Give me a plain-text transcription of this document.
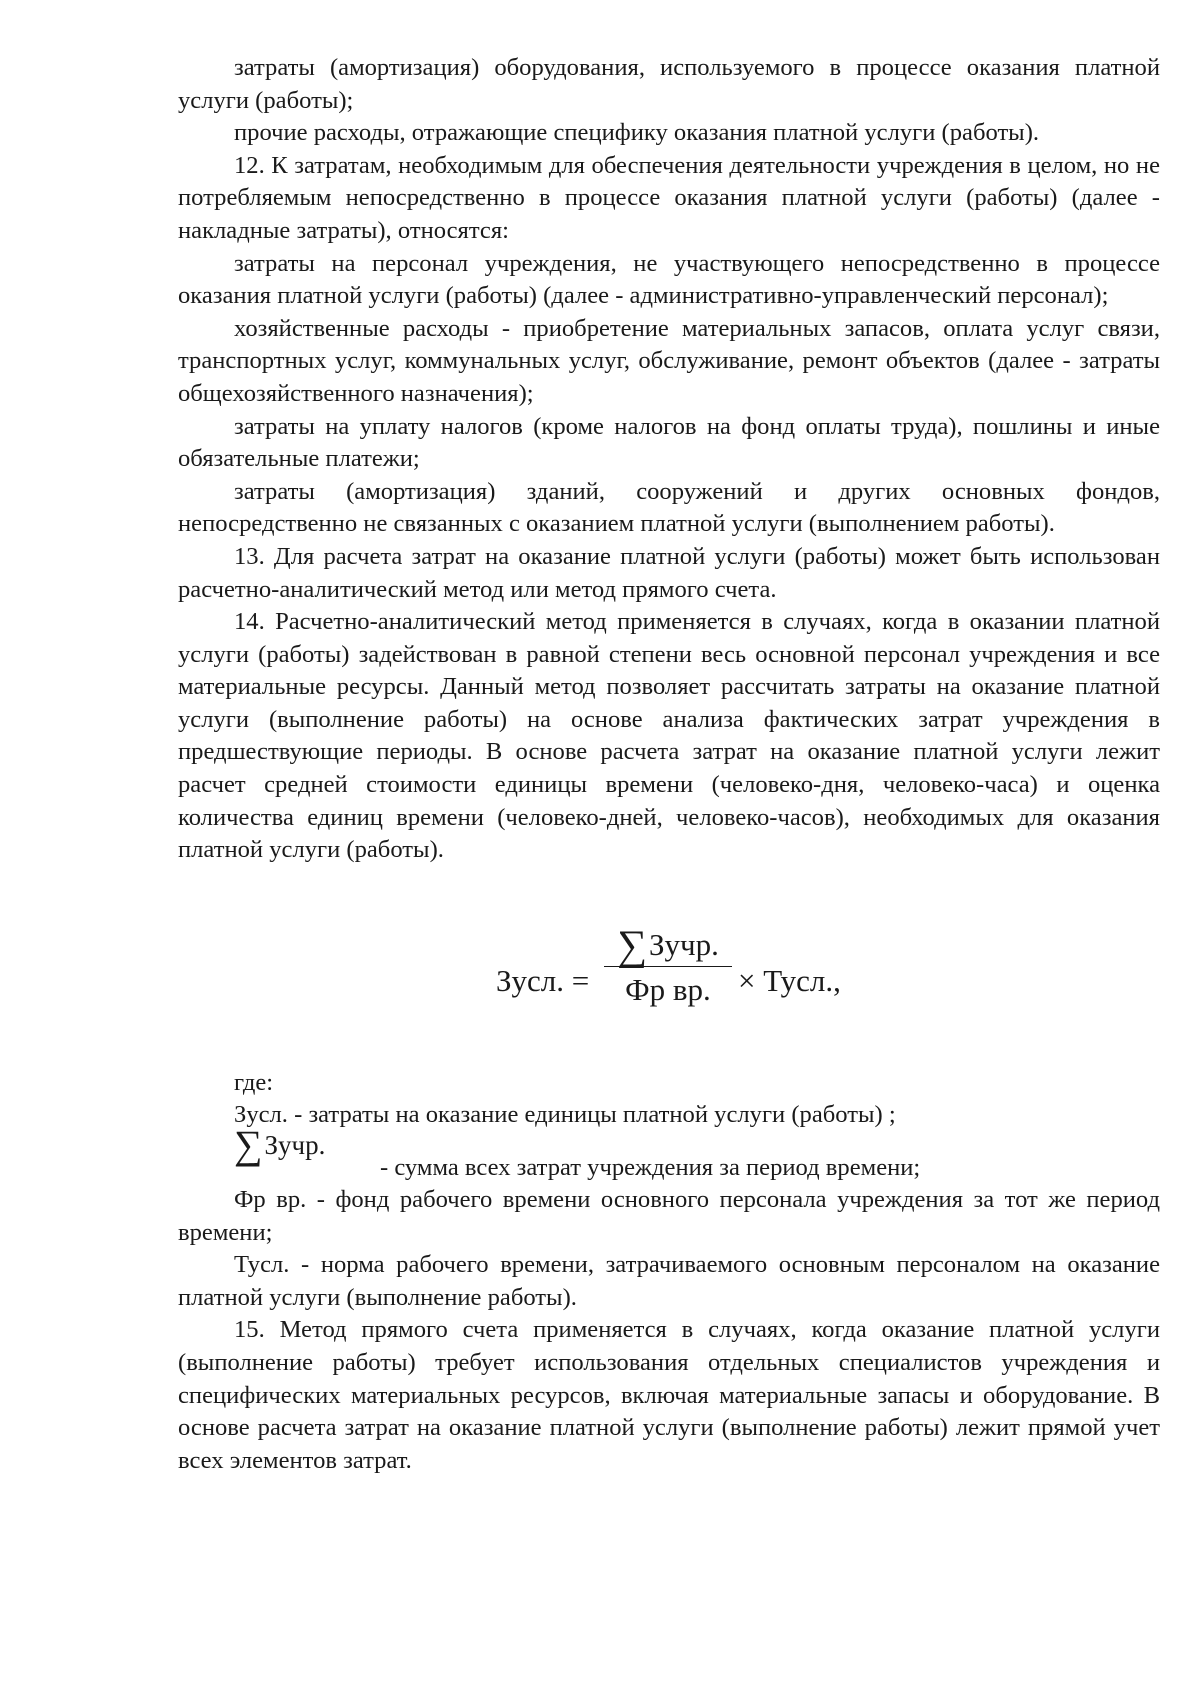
затраты (амортизация) оборудования, используемого в процессе оказания платной услуги (работы);

прочие расходы, отражающие специфику оказания платной услуги (работы).

12. К затратам, необходимым для обеспечения деятельности учреждения в целом, но не потребляемым непосредственно в процессе оказания платной услуги (работы) (далее - накладные затраты), относятся:

затраты на персонал учреждения, не участвующего непосредственно в процессе оказания платной услуги (работы) (далее - административно-управленческий персонал);

хозяйственные расходы - приобретение материальных запасов, оплата услуг связи, транспортных услуг, коммунальных услуг, обслуживание, ремонт объектов (далее - затраты общехозяйственного назначения);

затраты на уплату налогов (кроме налогов на фонд оплаты труда), пошлины и иные обязательные платежи;

затраты (амортизация) зданий, сооружений и других основных фондов, непосредственно не связанных с оказанием платной услуги (выполнением работы).

13. Для расчета затрат на оказание платной услуги (работы) может быть использован расчетно-аналитический метод или метод прямого счета.

14. Расчетно-аналитический метод применяется в случаях, когда в оказании платной услуги (работы) задействован в равной степени весь основной персонал учреждения и все материальные ресурсы. Данный метод позволяет рассчитать затраты на оказание платной услуги (выполнение работы) на основе анализа фактических затрат учреждения в предшествующие периоды. В основе расчета затрат на оказание платной услуги лежит расчет средней стоимости единицы времени (человеко-дня, человеко-часа) и оценка количества единиц времени (человеко-дней, человеко-часов), необходимых для оказания платной услуги (работы).

Зусл. =
∑Зучр.
Фр вр. × Тусл.,

где:

Зусл. - затраты на оказание единицы платной услуги (работы) ;

∑Зучр.
- сумма всех затрат учреждения за период времени;

Фр вр. - фонд рабочего времени основного персонала учреждения за тот же период времени;

Тусл. - норма рабочего времени, затрачиваемого основным персоналом на оказание платной услуги (выполнение работы).

15. Метод прямого счета применяется в случаях, когда оказание платной услуги (выполнение работы) требует использования отдельных специалистов учреждения и специфических материальных ресурсов, включая материальные запасы и оборудование. В основе расчета затрат на оказание платной услуги (выполнение работы) лежит прямой учет всех элементов затрат.
